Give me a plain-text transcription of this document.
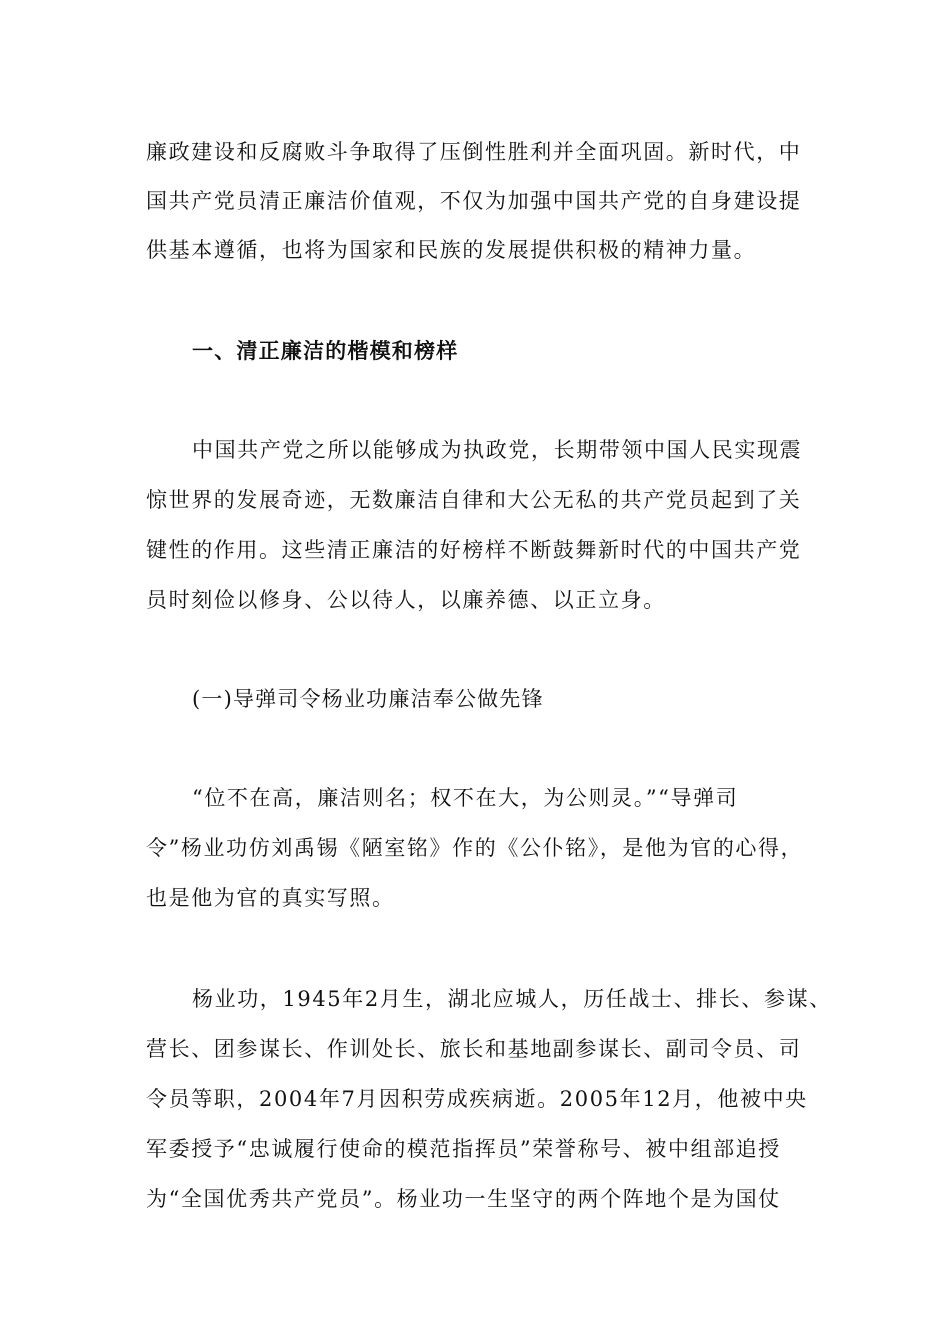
廉政建设和反腐败斗争取得了压倒性胜利并全面巩固。新时代，中
国共产党员清正廉洁价值观，不仅为加强中国共产党的自身建设提
供基本遵循，也将为国家和民族的发展提供积极的精神力量。
一、清正廉洁的楷模和榜样
中国共产党之所以能够成为执政党，长期带领中国人民实现震
惊世界的发展奇迹，无数廉洁自律和大公无私的共产党员起到了关
键性的作用。这些清正廉洁的好榜样不断鼓舞新时代的中国共产党
员时刻俭以修身、公以待人，以廉养德、以正立身。
(一)导弹司令杨业功廉洁奉公做先锋
“位不在高，廉洁则名；权不在大，为公则灵。”“导弹司
令”杨业功仿刘禹锡《陋室铭》作的《公仆铭》，是他为官的心得，
也是他为官的真实写照。
杨业功，1945年2月生，湖北应城人，历任战士、排长、参谋、
营长、团参谋长、作训处长、旅长和基地副参谋长、副司令员、司
令员等职，2004年7月因积劳成疾病逝。2005年12月，他被中央
军委授予“忠诚履行使命的模范指挥员”荣誉称号、被中组部追授
为“全国优秀共产党员”。杨业功一生坚守的两个阵地个是为国仗
